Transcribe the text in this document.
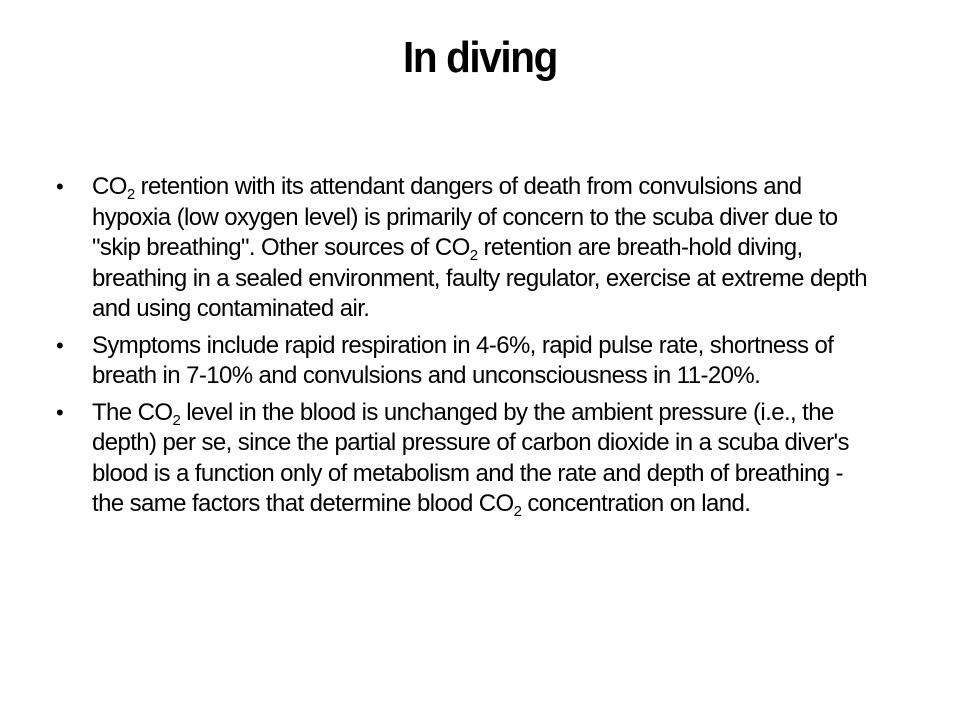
In diving
• $CO_2$ retention with its attendant dangers of death from convulsions and hypoxia (low oxygen level) is primarily of concern to the scuba diver due to "skip breathing". Other sources of $CO_2$ retention are breath-hold diving, breathing in a sealed environment, faulty regulator, exercise at extreme depth and using contaminated air.
• Symptoms include rapid respiration in 4-6%, rapid pulse rate, shortness of breath in 7-10% and convulsions and unconsciousness in 11-20%.
• The $CO_2$ level in the blood is unchanged by the ambient pressure (i.e., the depth) per se, since the partial pressure of carbon dioxide in a scuba diver's blood is a function only of metabolism and the rate and depth of breathing - the same factors that determine blood $CO_2$ concentration on land.
